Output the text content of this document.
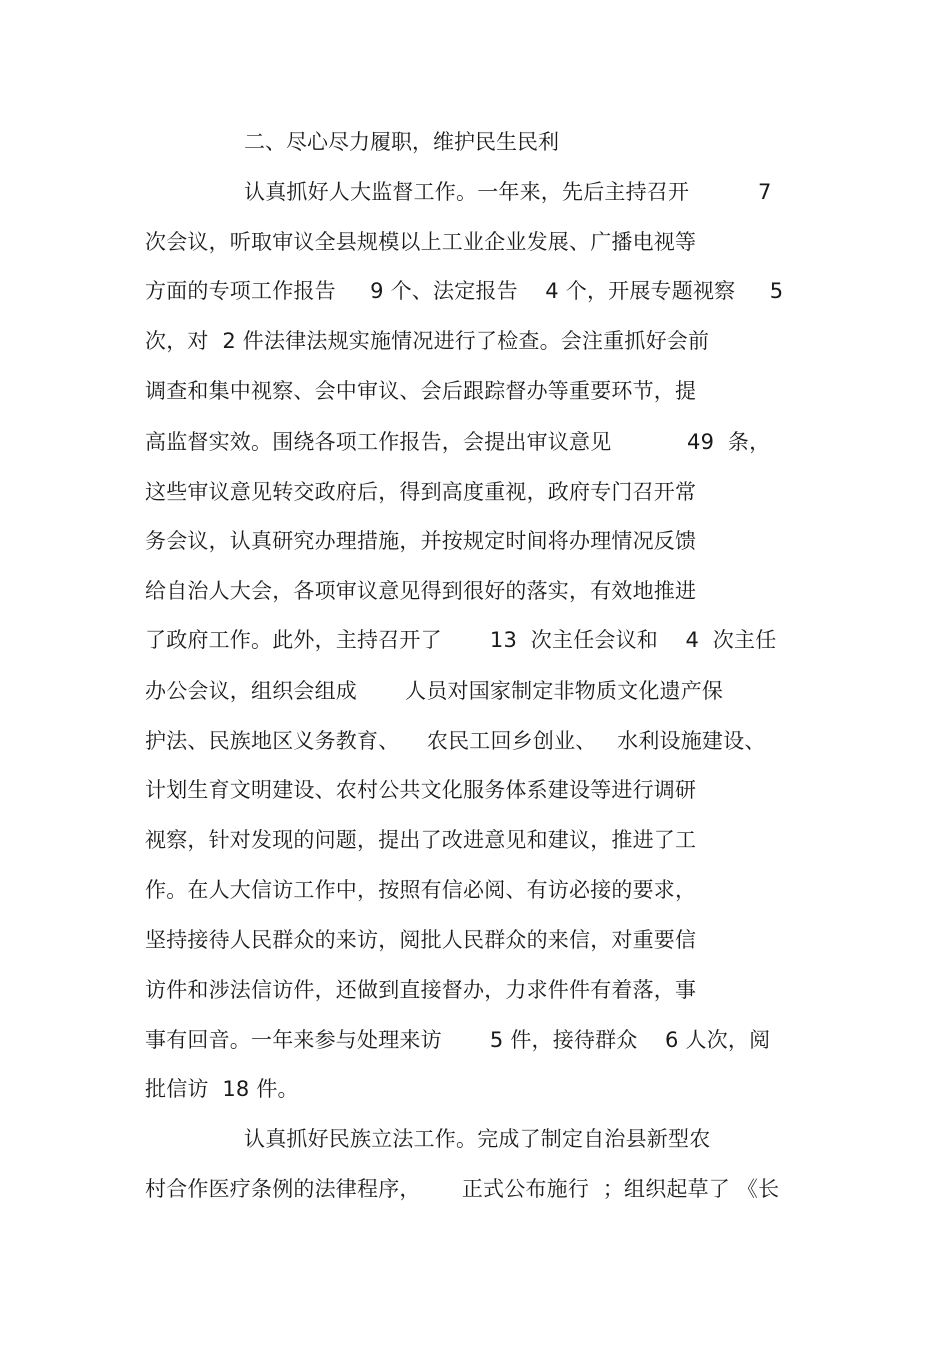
二、尽心尽力履职，维护民生民利
认真抓好人大监督工作。一年来，先后主持召开          7
次会议，听取审议全县规模以上工业企业发展、广播电视等
方面的专项工作报告     9 个、法定报告    4 个，开展专题视察     5
次，对  2 件法律法规实施情况进行了检查。会注重抓好会前
调查和集中视察、会中审议、会后跟踪督办等重要环节，提
高监督实效。围绕各项工作报告，会提出审议意见           49  条，
这些审议意见转交政府后，得到高度重视，政府专门召开常
务会议，认真研究办理措施，并按规定时间将办理情况反馈
给自治人大会，各项审议意见得到很好的落实，有效地推进
了政府工作。此外，主持召开了       13  次主任会议和    4  次主任
办公会议，组织会组成       人员对国家制定非物质文化遗产保
护法、民族地区义务教育、    农民工回乡创业、   水利设施建设、
计划生育文明建设、农村公共文化服务体系建设等进行调研
视察，针对发现的问题，提出了改进意见和建议，推进了工
作。在人大信访工作中，按照有信必阅、有访必接的要求，
坚持接待人民群众的来访，阅批人民群众的来信，对重要信
访件和涉法信访件，还做到直接督办，力求件件有着落，事
事有回音。一年来参与处理来访       5 件，接待群众    6 人次，阅
批信访  18 件。
认真抓好民族立法工作。完成了制定自治县新型农
村合作医疗条例的法律程序，      正式公布施行  ；组织起草了 《长
